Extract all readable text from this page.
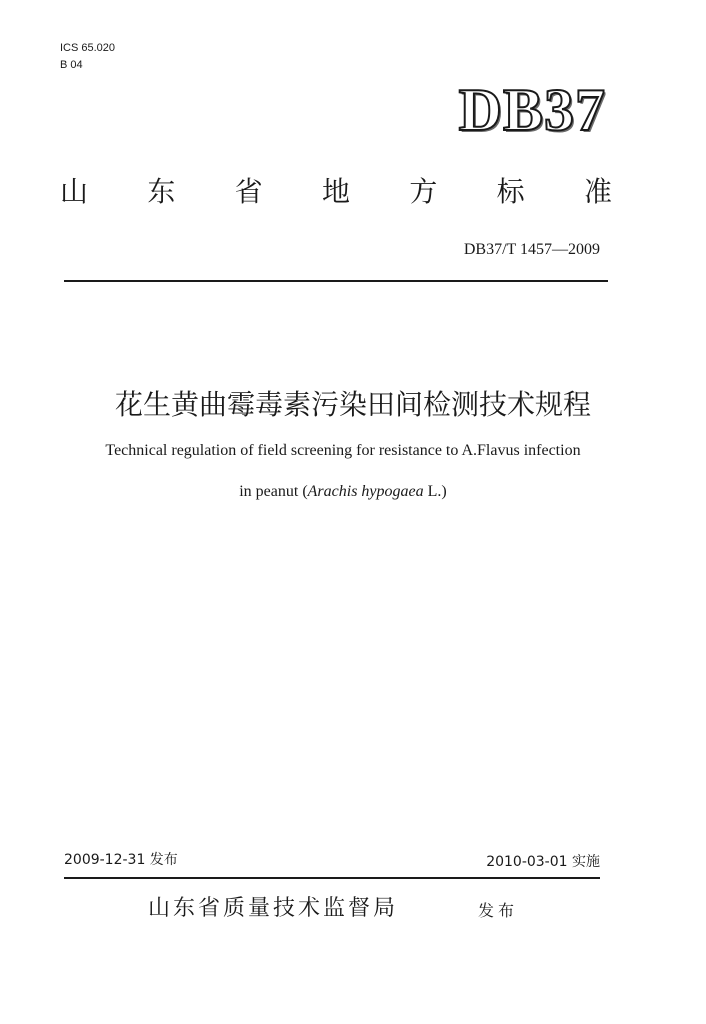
ICS 65.020
B 04
DB37
山 东 省 地 方 标 准
DB37/T 1457—2009
花生黄曲霉毒素污染田间检测技术规程
Technical regulation of field screening for resistance to A.Flavus infection
in peanut (Arachis hypogaea L.)
2009-12-31 发布	2010-03-01 实施
山东省质量技术监督局	发布
